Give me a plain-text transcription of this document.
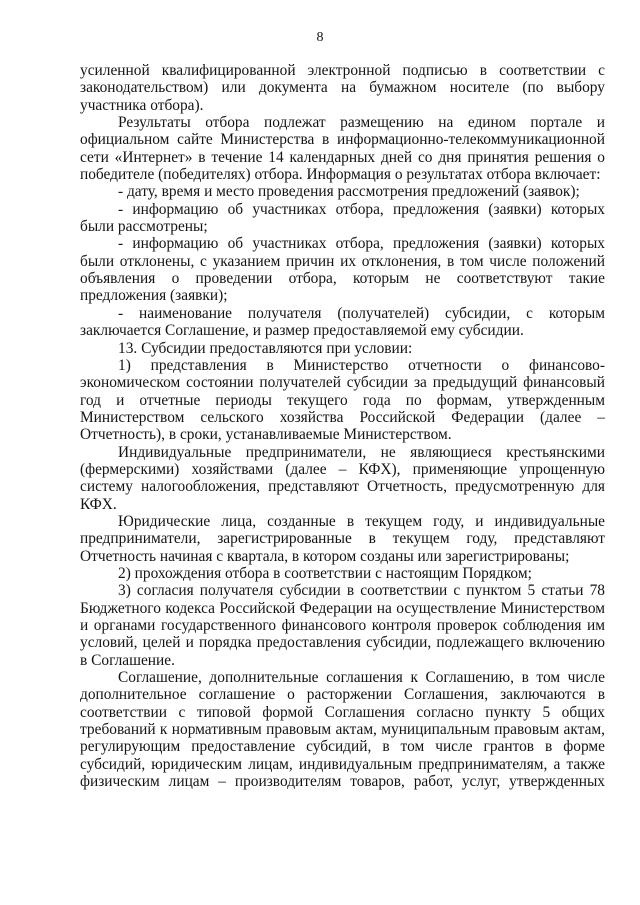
8

усиленной квалифицированной электронной подписью в соответствии с законодательством) или документа на бумажном носителе (по выбору участника отбора).

Результаты отбора подлежат размещению на едином портале и официальном сайте Министерства в информационно-телекоммуникационной сети «Интернет» в течение 14 календарных дней со дня принятия решения о победителе (победителях) отбора. Информация о результатах отбора включает:

- дату, время и место проведения рассмотрения предложений (заявок);

- информацию об участниках отбора, предложения (заявки) которых были рассмотрены;

- информацию об участниках отбора, предложения (заявки) которых были отклонены, с указанием причин их отклонения, в том числе положений объявления о проведении отбора, которым не соответствуют такие предложения (заявки);

- наименование получателя (получателей) субсидии, с которым заключается Соглашение, и размер предоставляемой ему субсидии.

13. Субсидии предоставляются при условии:

1) представления в Министерство отчетности о финансово-экономическом состоянии получателей субсидии за предыдущий финансовый год и отчетные периоды текущего года по формам, утвержденным Министерством сельского хозяйства Российской Федерации (далее – Отчетность), в сроки, устанавливаемые Министерством.

Индивидуальные предприниматели, не являющиеся крестьянскими (фермерскими) хозяйствами (далее – КФХ), применяющие упрощенную систему налогообложения, представляют Отчетность, предусмотренную для КФХ.

Юридические лица, созданные в текущем году, и индивидуальные предприниматели, зарегистрированные в текущем году, представляют Отчетность начиная с квартала, в котором созданы или зарегистрированы;

2) прохождения отбора в соответствии с настоящим Порядком;

3) согласия получателя субсидии в соответствии с пунктом 5 статьи 78 Бюджетного кодекса Российской Федерации на осуществление Министерством и органами государственного финансового контроля проверок соблюдения им условий, целей и порядка предоставления субсидии, подлежащего включению в Соглашение.

Соглашение, дополнительные соглашения к Соглашению, в том числе дополнительное соглашение о расторжении Соглашения, заключаются в соответствии с типовой формой Соглашения согласно пункту 5 общих требований к нормативным правовым актам, муниципальным правовым актам, регулирующим предоставление субсидий, в том числе грантов в форме субсидий, юридическим лицам, индивидуальным предпринимателям, а также физическим лицам – производителям товаров, работ, услуг, утвержденных
